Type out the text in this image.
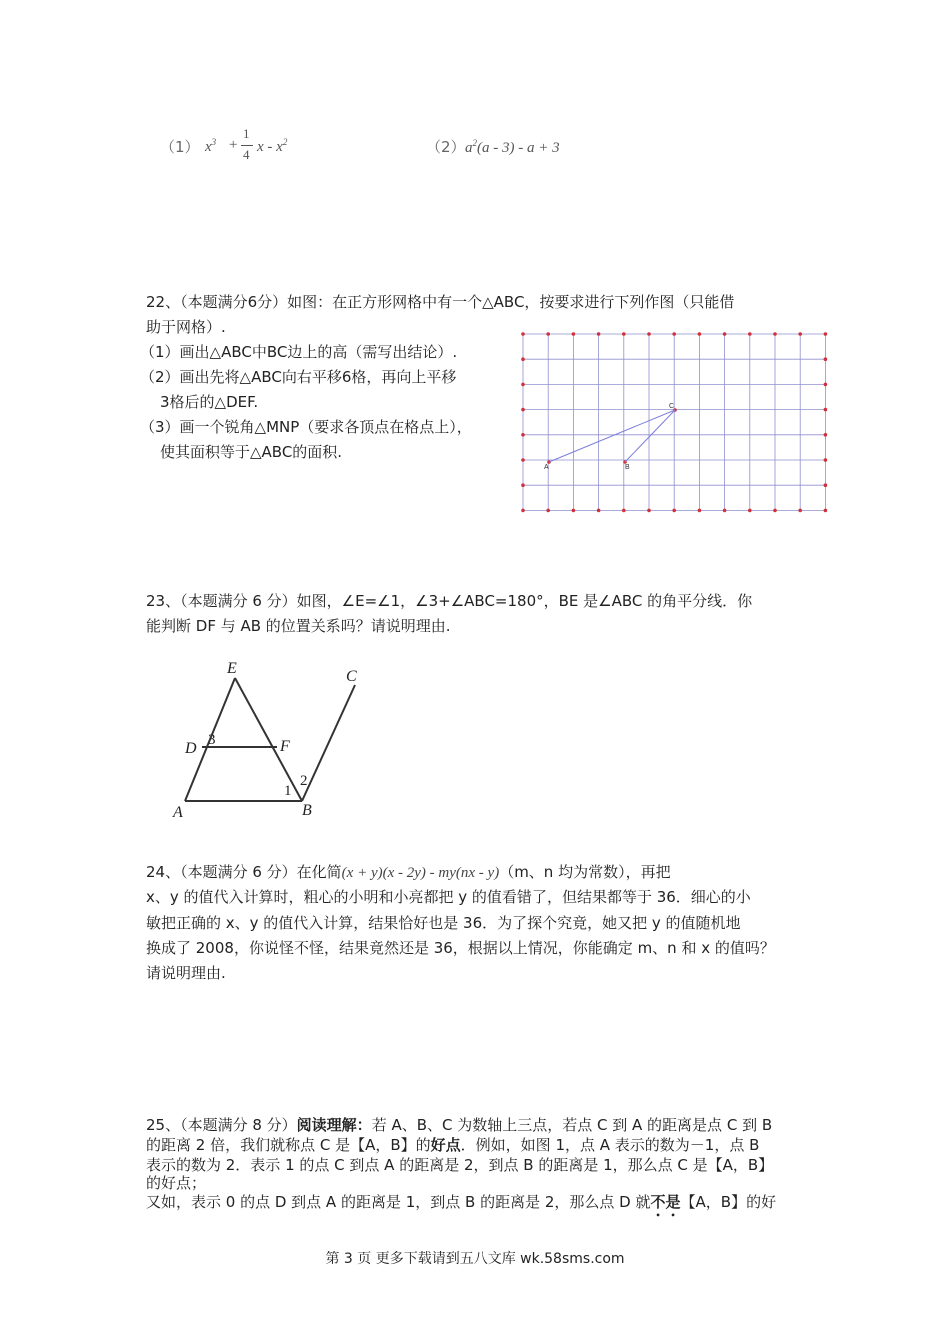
（1） $x^3$ +
1
4 x - $x^2$	（2） $a^2(a - 3) - a + 3$
22、（本题满分6分）如图：在正方形网格中有一个△ABC，按要求进行下列作图（只能借
助于网格）.
（1）画出△ABC中BC边上的高（需写出结论）.
（2）画出先将△ABC向右平移6格，再向上平移
3格后的△DEF.
（3）画一个锐角△MNP（要求各顶点在格点上），
使其面积等于△ABC的面积.
A	B
C
23、（本题满分 6 分）如图，∠E=∠1，∠3+∠ABC=180°，BE 是∠ABC 的角平分线．你
能判断 DF 与 AB 的位置关系吗？请说明理由.
E	C
D	F
A	B
1
2
3
24、（本题满分 6 分）在化简(x + y)(x - 2y) - my(nx - y)（m、n 均为常数），再把
x、y 的值代入计算时，粗心的小明和小亮都把 y 的值看错了，但结果都等于 36．细心的小
敏把正确的 x、y 的值代入计算，结果恰好也是 36．为了探个究竟，她又把 y 的值随机地
换成了 2008，你说怪不怪，结果竟然还是 36，根据以上情况，你能确定 m、n 和 x 的值吗？
请说明理由.
25、（本题满分 8 分）阅读理解：若 A、B、C 为数轴上三点，若点 C 到 A 的距离是点 C 到 B
的距离 2 倍，我们就称点 C 是【A，B】的好点．例如，如图 1，点 A 表示的数为－1，点 B
表示的数为 2．表示 1 的点 C 到点 A 的距离是 2，到点 B 的距离是 1，那么点 C 是【A，B】
的好点；
又如，表示 0 的点 D 到点 A 的距离是 1，到点 B 的距离是 2，那么点 D 就不是【A，B】的好
第 3 页 更多下载请到五八文库 wk.58sms.com
